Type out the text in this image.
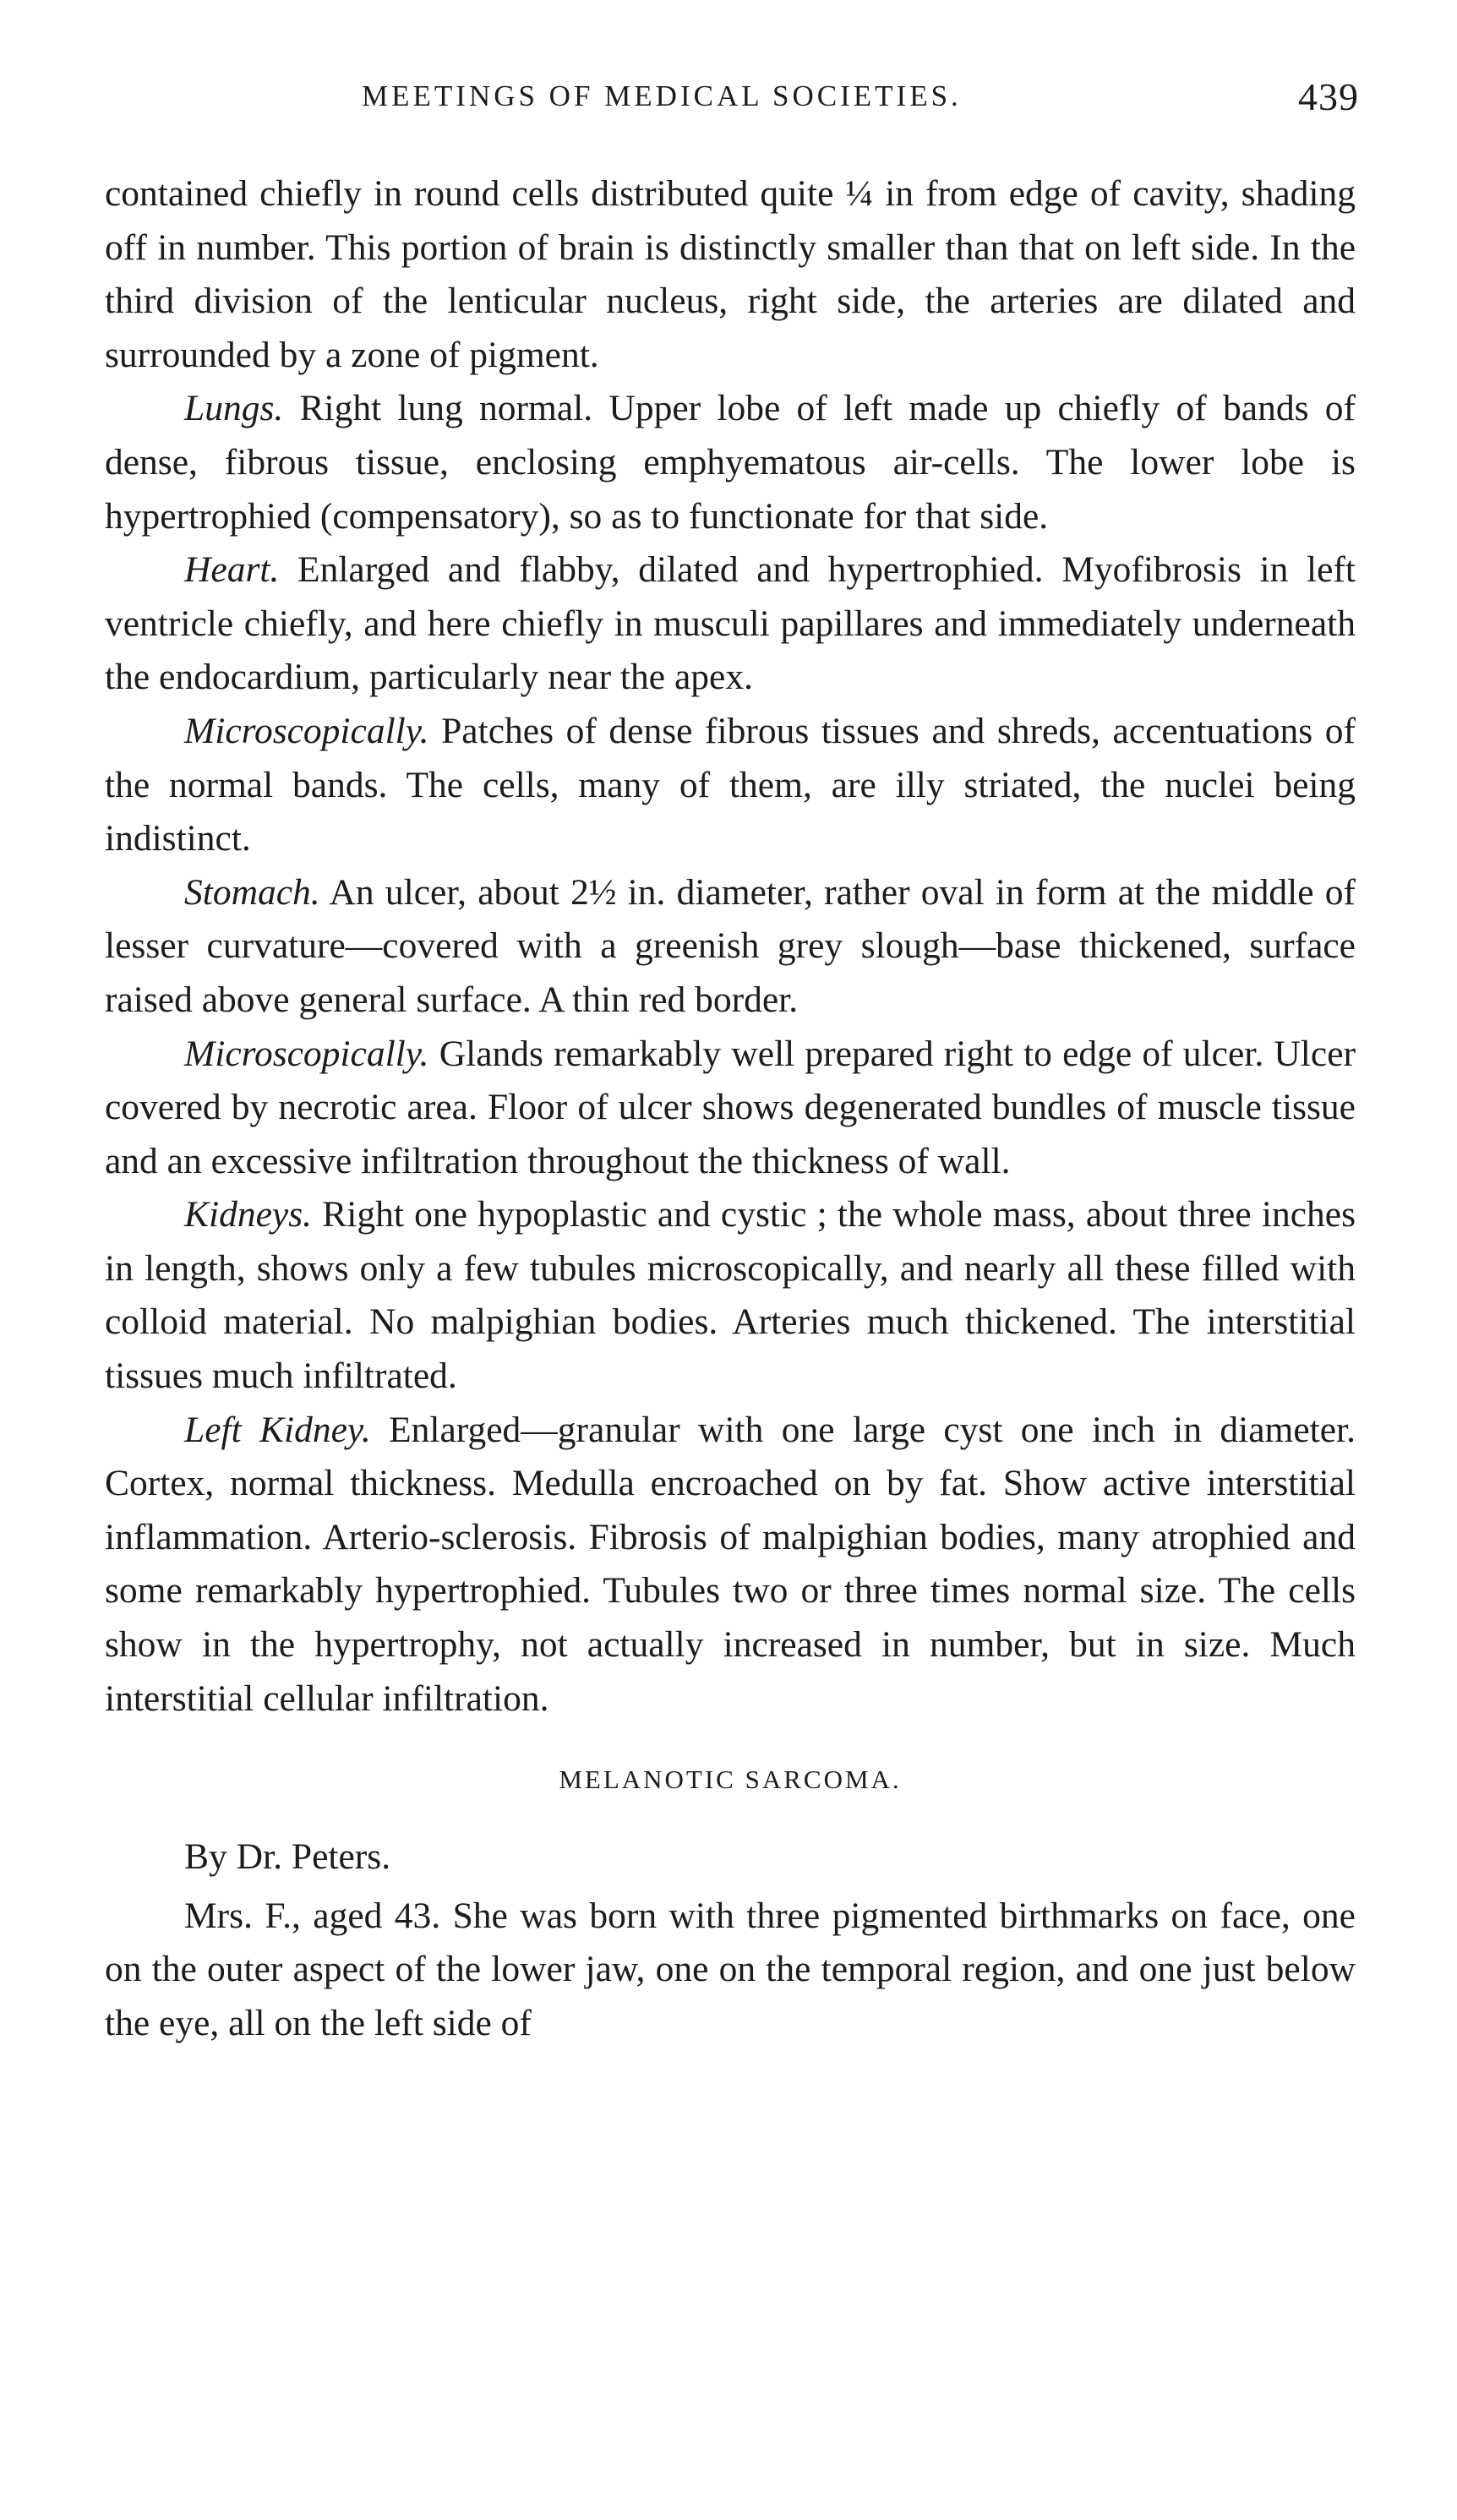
MEETINGS OF MEDICAL SOCIETIES.	439

contained chiefly in round cells distributed quite ¼ in from edge of cavity, shading off in number. This portion of brain is distinctly smaller than that on left side. In the third division of the lenticular nucleus, right side, the arteries are dilated and surrounded by a zone of pigment.

Lungs. Right lung normal. Upper lobe of left made up chiefly of bands of dense, fibrous tissue, enclosing emphyematous air-cells. The lower lobe is hypertrophied (compensatory), so as to functionate for that side.

Heart. Enlarged and flabby, dilated and hypertrophied. Myofibrosis in left ventricle chiefly, and here chiefly in musculi papillares and immediately underneath the endocardium, particularly near the apex.

Microscopically. Patches of dense fibrous tissues and shreds, accentuations of the normal bands. The cells, many of them, are illy striated, the nuclei being indistinct.

Stomach. An ulcer, about 2½ in. diameter, rather oval in form at the middle of lesser curvature—covered with a greenish grey slough—base thickened, surface raised above general surface. A thin red border.

Microscopically. Glands remarkably well prepared right to edge of ulcer. Ulcer covered by necrotic area. Floor of ulcer shows degenerated bundles of muscle tissue and an excessive infiltration throughout the thickness of wall.

Kidneys. Right one hypoplastic and cystic ; the whole mass, about three inches in length, shows only a few tubules microscopically, and nearly all these filled with colloid material. No malpighian bodies. Arteries much thickened. The interstitial tissues much infiltrated.

Left Kidney. Enlarged—granular with one large cyst one inch in diameter. Cortex, normal thickness. Medulla encroached on by fat. Show active interstitial inflammation. Arterio-sclerosis. Fibrosis of malpighian bodies, many atrophied and some remarkably hypertrophied. Tubules two or three times normal size. The cells show in the hypertrophy, not actually increased in number, but in size. Much interstitial cellular infiltration.

MELANOTIC SARCOMA.

By Dr. Peters.

Mrs. F., aged 43. She was born with three pigmented birthmarks on face, one on the outer aspect of the lower jaw, one on the temporal region, and one just below the eye, all on the left side of
